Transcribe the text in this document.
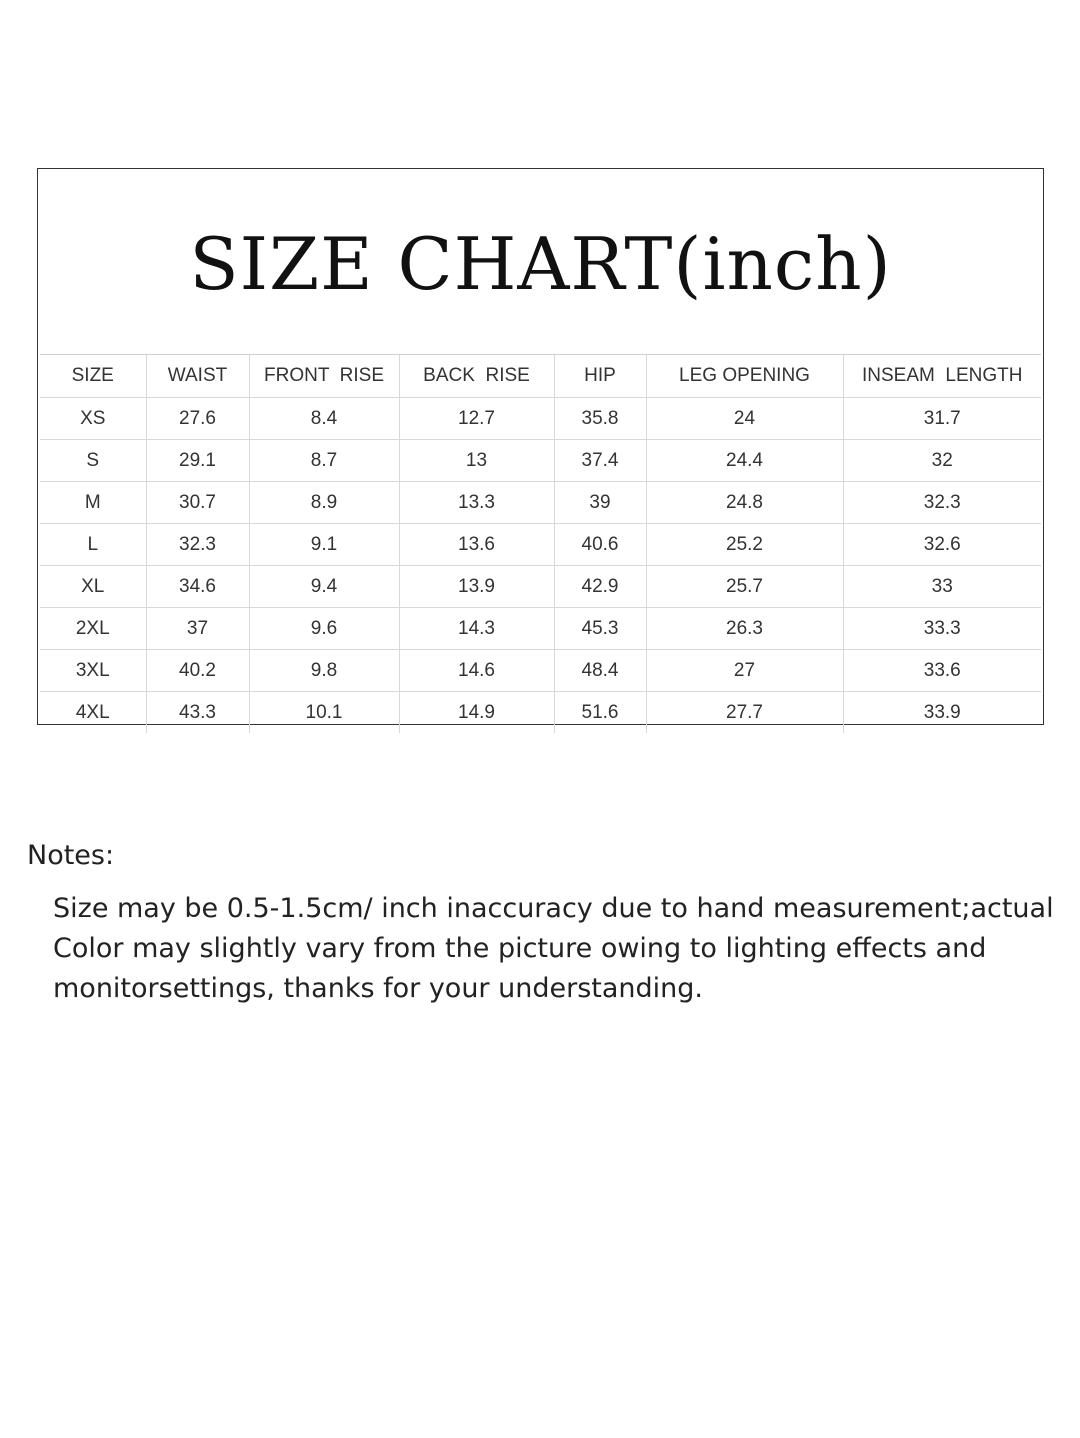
SIZE CHART(inch)
SIZE	WAIST	FRONT  RISE	BACK  RISE	HIP	LEG OPENING	INSEAM  LENGTH
XS	27.6	8.4	12.7	35.8	24	31.7
S	29.1	8.7	13	37.4	24.4	32
M	30.7	8.9	13.3	39	24.8	32.3
L	32.3	9.1	13.6	40.6	25.2	32.6
XL	34.6	9.4	13.9	42.9	25.7	33
2XL	37	9.6	14.3	45.3	26.3	33.3
3XL	40.2	9.8	14.6	48.4	27	33.6
4XL	43.3	10.1	14.9	51.6	27.7	33.9
Notes:
Size may be 0.5-1.5cm/ inch inaccuracy due to hand measurement;actual
Color may slightly vary from the picture owing to lighting effects and
monitorsettings, thanks for your understanding.
